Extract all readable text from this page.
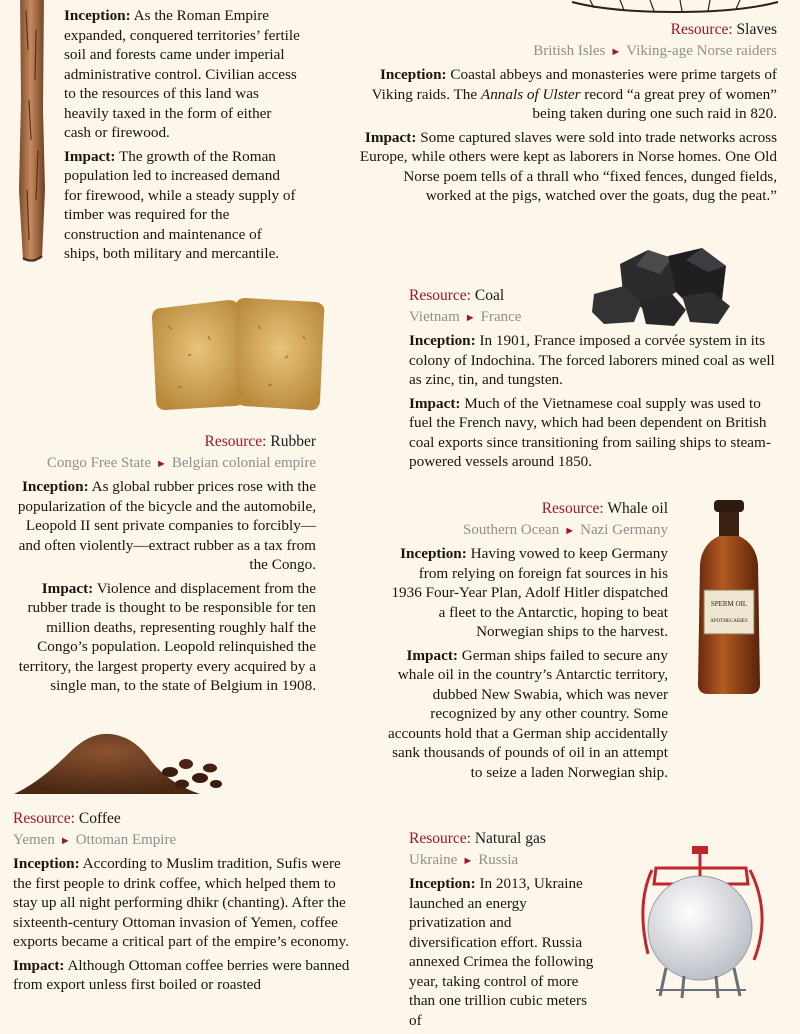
Inception: As the Roman Empire expanded, conquered territories’ fertile soil and forests came under imperial administrative control. Civilian access to the resources of this land was heavily taxed in the form of either cash or firewood.

Impact: The growth of the Roman population led to increased demand for firewood, while a steady supply of timber was required for the construction and maintenance of ships, both military and mercantile.

Resource: Slaves
British Isles ► Viking-age Norse raiders

Inception: Coastal abbeys and monasteries were prime targets of Viking raids. The Annals of Ulster record “a great prey of women” being taken during one such raid in 820.

Impact: Some captured slaves were sold into trade networks across Europe, while others were kept as laborers in Norse homes. One Old Norse poem tells of a thrall who “fixed fences, dunged fields, worked at the pigs, watched over the goats, dug the peat.”

Resource: Coal
Vietnam ► France

Inception: In 1901, France imposed a corvée system in its colony of Indochina. The forced laborers mined coal as well as zinc, tin, and tungsten.

Impact: Much of the Vietnamese coal supply was used to fuel the French navy, which had been dependent on British coal exports since transitioning from sailing ships to steam-powered vessels around 1850.

Resource: Rubber
Congo Free State ► Belgian colonial empire

Inception: As global rubber prices rose with the popularization of the bicycle and the automobile, Leopold II sent private companies to forcibly—and often violently—extract rubber as a tax from the Congo.

Impact: Violence and displacement from the rubber trade is thought to be responsible for ten million deaths, representing roughly half the Congo’s population. Leopold relinquished the territory, the largest property every acquired by a single man, to the state of Belgium in 1908.

SPERM OIL
APOTHECARIES
Resource: Whale oil
Southern Ocean ► Nazi Germany

Inception: Having vowed to keep Germany from relying on foreign fat sources in his 1936 Four-Year Plan, Adolf Hitler dispatched a fleet to the Antarctic, hoping to beat Norwegian ships to the harvest.

Impact: German ships failed to secure any whale oil in the country’s Antarctic territory, dubbed New Swabia, which was never recognized by any other country. Some accounts hold that a German ship accidentally sank thousands of pounds of oil in an attempt to seize a laden Norwegian ship.

Resource: Coffee
Yemen ► Ottoman Empire

Inception: According to Muslim tradition, Sufis were the first people to drink coffee, which helped them to stay up all night performing dhikr (chanting). After the sixteenth-century Ottoman invasion of Yemen, coffee exports became a critical part of the empire’s economy.

Impact: Although Ottoman coffee berries were banned from export unless first boiled or roasted

Resource: Natural gas
Ukraine ► Russia

Inception: In 2013, Ukraine launched an energy privatization and diversification effort. Russia annexed Crimea the following year, taking control of more than one trillion cubic meters of
